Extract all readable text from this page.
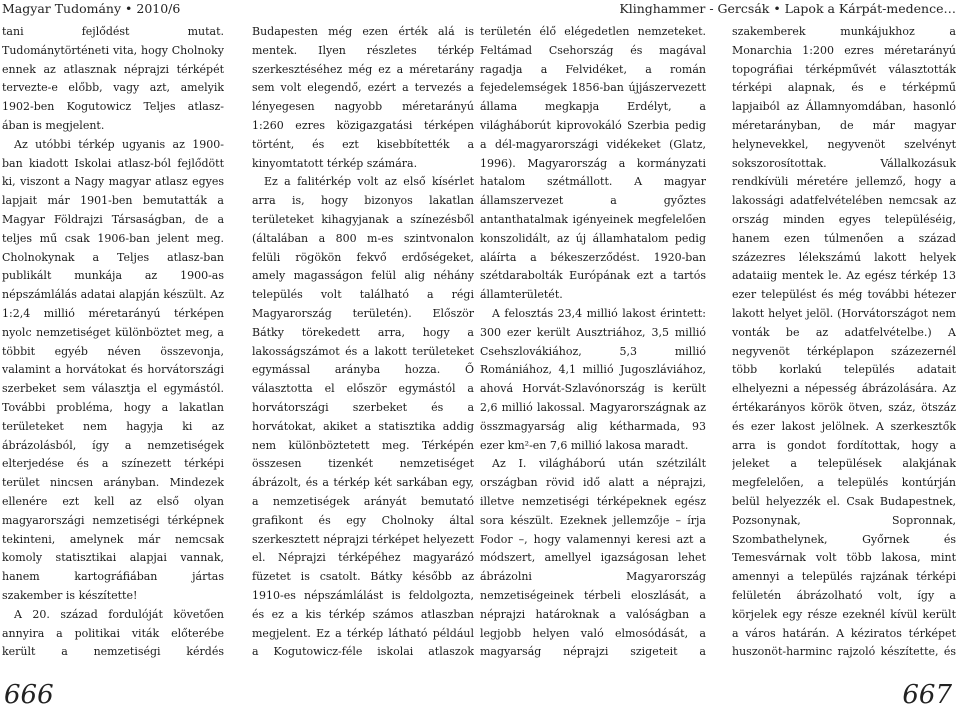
Magyar Tudomány • 2010/6

tani fejlődést mutat. Tudománytörténeti vita, hogy Cholnoky ennek az atlasznak néprajzi térképét tervezte-e előbb, vagy azt, amelyik 1902-ben Kogutowicz Teljes atlasz-ában is megjelent.

Az utóbbi térkép ugyanis az 1900-ban kiadott Iskolai atlasz-ból fejlődött ki, viszont a Nagy magyar atlasz egyes lapjait már 1901-ben bemutatták a Magyar Földrajzi Társaságban, de a teljes mű csak 1906-ban jelent meg. Cholnokynak a Teljes atlasz-ban publikált munkája az 1900-as népszámlálás adatai alapján készült. Az 1:2,4 millió méretarányú térképen nyolc nemzetiséget különböztet meg, a többit egyéb néven összevonja, valamint a horvátokat és horvátországi szerbeket sem választja el egymástól. További probléma, hogy a lakatlan területeket nem hagyja ki az ábrázolásból, így a nemzetiségek elterjedése és a színezett térképi terület nincsen arányban. Mindezek ellenére ezt kell az első olyan magyarországi nemzetiségi térképnek tekinteni, amelynek már nemcsak komoly statisztikai alapjai vannak, hanem kartográfiában jártas szakember is készítette!

A 20. század fordulóját követően annyira a politikai viták előterébe került a nemzetiségi kérdés

Budapesten még ezen érték alá is mentek. Ilyen részletes térkép szerkesztéséhez még ez a méretarány sem volt elegendő, ezért a tervezés a lényegesen nagyobb méretarányú 1:260 ezres közigazgatási térképen történt, és ezt kisebbítették a kinyomtatott térkép számára.

Ez a falitérkép volt az első kísérlet arra is, hogy bizonyos lakatlan területeket kihagyjanak a színezésből (általában a 800 m-es szintvonalon felüli rögökön fekvő erdőségeket, amely magasságon felül alig néhány település volt található a régi Magyarország területén). Először Bátky törekedett arra, hogy a lakosságszámot és a lakott területeket egymással arányba hozza. Ő választotta el először egymástól a horvátországi szerbeket és a horvátokat, akiket a statisztika addig nem különböztetett meg. Térképén összesen tizenkét nemzetiséget ábrázolt, és a térkép két sarkában egy, a nemzetiségek arányát bemutató grafikont és egy Cholnoky által szerkesztett néprajzi térképet helyezett el. Néprajzi térképéhez magyarázó füzetet is csatolt. Bátky később az 1910-es népszámlálást is feldolgozta, és ez a kis térkép számos atlaszban megjelent. Ez a térkép látható például a Kogutowicz-féle iskolai atlaszok

666
Klinghammer - Gercsák • Lapok a Kárpát-medence…

területén élő elégedetlen nemzeteket. Feltámad Csehország és magával ragadja a Felvidéket, a román fejedelemségek 1856-ban újjászervezett állama megkapja Erdélyt, a világháborút kiprovokáló Szerbia pedig a dél-magyarországi vidékeket (Glatz, 1996). Magyarország a kormányzati hatalom szétmállott. A magyar államszervezet a győztes antanthatalmak igényeinek megfelelően konszolidált, az új államhatalom pedig aláírta a békeszerződést. 1920-ban szétdarabolták Európának ezt a tartós államterületét.

A felosztás 23,4 millió lakost érintett: 300 ezer került Ausztriához, 3,5 millió Csehszlovákiához, 5,3 millió Romániához, 4,1 millió Jugoszláviához, ahová Horvát-Szlavónország is került 2,6 millió lakossal. Magyarországnak az összmagyarság alig kétharmada, 93 ezer km²-en 7,6 millió lakosa maradt.

Az I. világháború után szétzilált országban rövid idő alatt a néprajzi, illetve nemzetiségi térképeknek egész sora készült. Ezeknek jellemzője – írja Fodor –, hogy valamennyi keresi azt a módszert, amellyel igazságosan lehet ábrázolni Magyarország nemzetiségeinek térbeli eloszlását, a néprajzi határoknak a valóságban a legjobb helyen való elmosódását, a magyarság néprajzi szigeteit a

szakemberek munkájukhoz a Monarchia 1:200 ezres méretarányú topográfiai térképművét választották térképi alapnak, és e térképmű lapjaiból az Államnyomdában, hasonló méretarányban, de már magyar helynevekkel, negyvenöt szelvényt sokszorosítottak. Vállalkozásuk rendkívüli méretére jellemző, hogy a lakossági adatfelvételében nemcsak az ország minden egyes településéig, hanem ezen túlmenően a század százezres lélekszámú lakott helyek adataiig mentek le. Az egész térkép 13 ezer települést és még további hétezer lakott helyet jelöl. (Horvátországot nem vonták be az adatfelvételbe.) A negyvenöt térképlapon százezernél több korlakú település adatait elhelyezni a népesség ábrázolására. Az értékarányos körök ötven, száz, ötszáz és ezer lakost jelölnek. A szerkesztők arra is gondot fordítottak, hogy a jeleket a települések alakjának megfelelően, a település kontúrján belül helyezzék el. Csak Budapestnek, Pozsonynak, Sopronnak, Szombathelynek, Győrnek és Temesvárnak volt több lakosa, mint amennyi a település rajzának térképi felületén ábrázolható volt, így a körjelek egy része ezeknél kívül került a város határán. A kéziratos térképet huszonöt-harminc rajzoló készítette, és

667
